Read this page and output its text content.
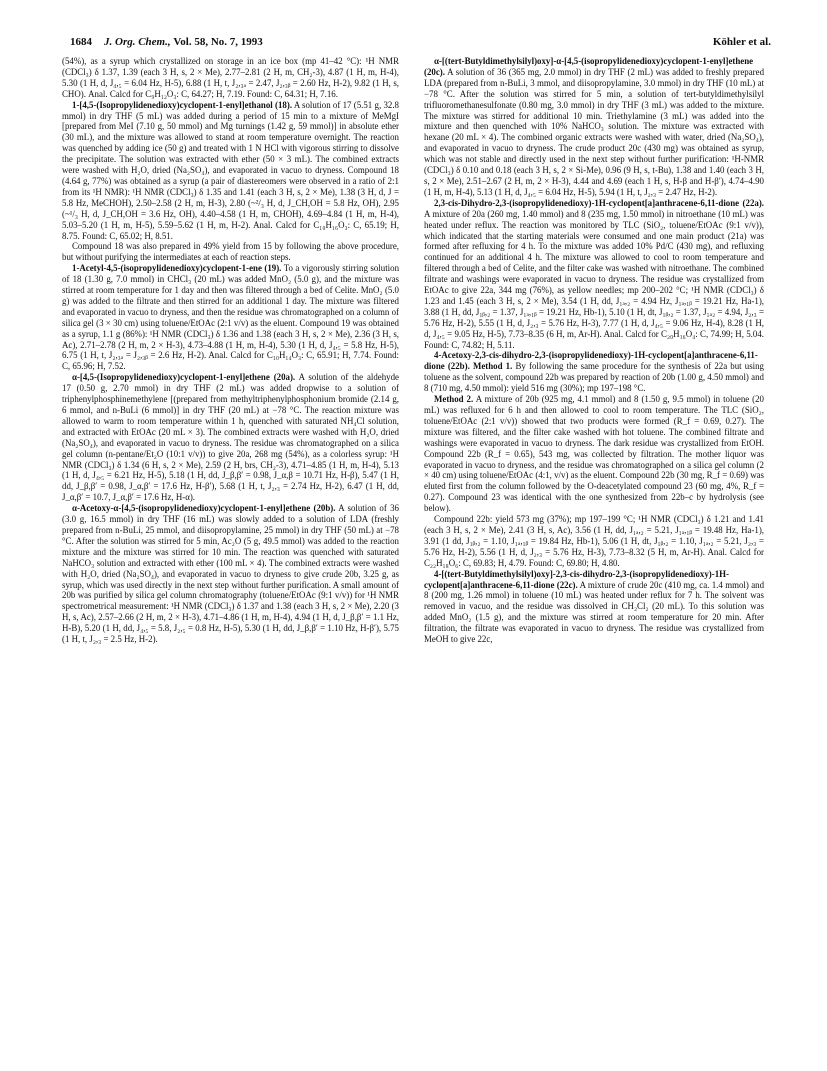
1684 J. Org. Chem., Vol. 58, No. 7, 1993	Köhler et al.

(54%), as a syrup which crystallized on storage in an ice box (mp 41–42 °C): ¹H NMR (CDCl₃) δ 1.37, 1.39 (each 3 H, s, 2 × Me), 2.77–2.81 (2 H, m, CH₂-3), 4.87 (1 H, m, H-4), 5.30 (1 H, d, J₄,₅ = 6.04 Hz, H-5), 6.88 (1 H, t, J₂,₃ₐ = 2.47, J₂,₃ᵦ = 2.60 Hz, H-2), 9.82 (1 H, s, CHO). Anal. Calcd for C₉H₁₂O₃: C, 64.27; H, 7.19. Found: C, 64.31; H, 7.16.

1-[4,5-(Isopropylidenedioxy)cyclopent-1-enyl]ethanol (18). A solution of 17 (5.51 g, 32.8 mmol) in dry THF (5 mL) was added during a period of 15 min to a mixture of MeMgI [prepared from MeI (7.10 g, 50 mmol) and Mg turnings (1.42 g, 59 mmol)] in absolute ether (30 mL), and the mixture was allowed to stand at room temperature overnight. The reaction was quenched by adding ice (50 g) and treated with 1 N HCl with vigorous stirring to dissolve the precipitate. The solution was extracted with ether (50 × 3 mL). The combined extracts were washed with H₂O, dried (Na₂SO₄), and evaporated in vacuo to dryness. Compound 18 (4.64 g, 77%) was obtained as a syrup (a pair of diastereomers were observed in a ratio of 2:1 from its ¹H NMR): ¹H NMR (CDCl₃) δ 1.35 and 1.41 (each 3 H, s, 2 × Me), 1.38 (3 H, d, J = 5.8 Hz, MeCHOH), 2.50–2.58 (2 H, m, H-3), 2.80 (~²/₃ H, d, J_CH,OH = 5.8 Hz, OH), 2.95 (~¹/₃ H, d, J_CH,OH = 3.6 Hz, OH), 4.40–4.58 (1 H, m, CHOH), 4.69–4.84 (1 H, m, H-4), 5.03–5.20 (1 H, m, H-5), 5.59–5.62 (1 H, m, H-2). Anal. Calcd for C₁₀H₁₆O₃: C, 65.19; H, 8.75. Found: C, 65.02; H, 8.51.

Compound 18 was also prepared in 49% yield from 15 by following the above procedure, but without purifying the intermediates at each of reaction steps.

1-Acetyl-4,5-(isopropylidenedioxy)cyclopent-1-ene (19). To a vigorously stirring solution of 18 (1.30 g, 7.0 mmol) in CHCl₃ (20 mL) was added MnO₂ (5.0 g), and the mixture was stirred at room temperature for 1 day and then was filtered through a bed of Celite. MnO₂ (5.0 g) was added to the filtrate and then stirred for an additional 1 day. The mixture was filtered and evaporated in vacuo to dryness, and then the residue was chromatographed on a column of silica gel (3 × 30 cm) using toluene/EtOAc (2:1 v/v) as the eluent. Compound 19 was obtained as a syrup, 1.1 g (86%): ¹H NMR (CDCl₃) δ 1.36 and 1.38 (each 3 H, s, 2 × Me), 2.36 (3 H, s, Ac), 2.71–2.78 (2 H, m, 2 × H-3), 4.73–4.88 (1 H, m, H-4), 5.30 (1 H, d, J₄,₅ = 5.8 Hz, H-5), 6.75 (1 H, t, J₂,₃ₐ = J₂,₃ᵦ = 2.6 Hz, H-2). Anal. Calcd for C₁₀H₁₄O₃: C, 65.91; H, 7.74. Found: C, 65.96; H, 7.52.

α-[4,5-(Isopropylidenedioxy)cyclopent-1-enyl]ethene (20a). A solution of the aldehyde 17 (0.50 g, 2.70 mmol) in dry THF (2 mL) was added dropwise to a solution of triphenylphosphinemethylene [(prepared from methyltriphenylphosphonium bromide (2.14 g, 6 mmol, and n-BuLi (6 mmol)] in dry THF (20 mL) at −78 °C. The reaction mixture was allowed to warm to room temperature within 1 h, quenched with saturated NH₄Cl solution, and extracted with EtOAc (20 mL × 3). The combined extracts were washed with H₂O, dried (Na₂SO₄), and evaporated in vacuo to dryness. The residue was chromatographed on a silica gel column (n-pentane/Et₂O (10:1 v/v)) to give 20a, 268 mg (54%), as a colorless syrup: ¹H NMR (CDCl₃) δ 1.34 (6 H, s, 2 × Me), 2.59 (2 H, brs, CH₂-3), 4.71–4.85 (1 H, m, H-4), 5.13 (1 H, d, J₄,₅ = 6.21 Hz, H-5), 5.18 (1 H, dd, J_β,β′ = 0.98, J_α,β = 10.71 Hz, H-β), 5.47 (1 H, dd, J_β,β′ = 0.98, J_α,β′ = 17.6 Hz, H-β′), 5.68 (1 H, t, J₂,₃ = 2.74 Hz, H-2), 6.47 (1 H, dd, J_α,β′ = 10.7, J_α,β′ = 17.6 Hz, H-α).

α-Acetoxy-α-[4,5-(isopropylidenedioxy)cyclopent-1-enyl]ethene (20b). A solution of 36 (3.0 g, 16.5 mmol) in dry THF (16 mL) was slowly added to a solution of LDA (freshly prepared from n-BuLi, 25 mmol, and diisopropylamine, 25 mmol) in dry THF (50 mL) at −78 °C. After the solution was stirred for 5 min, Ac₂O (5 g, 49.5 mmol) was added to the reaction mixture and the mixture was stirred for 10 min. The reaction was quenched with saturated NaHCO₃ solution and extracted with ether (100 mL × 4). The combined extracts were washed with H₂O, dried (Na₂SO₄), and evaporated in vacuo to dryness to give crude 20b, 3.25 g, as syrup, which was used directly in the next step without further purification. A small amount of 20b was purified by silica gel column chromatography (toluene/EtOAc (9:1 v/v)) for ¹H NMR spectrometrical measurement: ¹H NMR (CDCl₃) δ 1.37 and 1.38 (each 3 H, s, 2 × Me), 2.20 (3 H, s, Ac), 2.57–2.66 (2 H, m, 2 × H-3), 4.71–4.86 (1 H, m, H-4), 4.94 (1 H, d, J_β,β′ = 1.1 Hz, H-B), 5.20 (1 H, dd, J₄,₅ = 5.8, J₂,₅ = 0.8 Hz, H-5), 5.30 (1 H, dd, J_β,β′ = 1.10 Hz, H-β′), 5.75 (1 H, t, J₂,₃ = 2.5 Hz, H-2).

α-[(tert-Butyldimethylsilyl)oxy]-α-[4,5-(isopropylidenedioxy)cyclopent-1-enyl]ethene (20c). A solution of 36 (365 mg, 2.0 mmol) in dry THF (2 mL) was added to freshly prepared LDA (prepared from n-BuLi, 3 mmol, and diisopropylamine, 3.0 mmol) in dry THF (10 mL) at −78 °C. After the solution was stirred for 5 min, a solution of tert-butyldimethylsilyl trifluoromethanesulfonate (0.80 mg, 3.0 mmol) in dry THF (3 mL) was added to the mixture. The mixture was stirred for additional 10 min. Triethylamine (3 mL) was added into the mixture and then quenched with 10% NaHCO₃ solution. The mixture was extracted with hexane (20 mL × 4). The combined organic extracts were washed with water, dried (Na₂SO₄), and evaporated in vacuo to dryness. The crude product 20c (430 mg) was obtained as syrup, which was not stable and directly used in the next step without further purification: ¹H-NMR (CDCl₃) δ 0.10 and 0.18 (each 3 H, s, 2 × Si-Me), 0.96 (9 H, s, t-Bu), 1.38 and 1.40 (each 3 H, s, 2 × Me), 2.51–2.67 (2 H, m, 2 × H-3), 4.44 and 4.69 (each 1 H, s, H-β and H-β′), 4.74–4.90 (1 H, m, H-4), 5.13 (1 H, d, J₄,₅ = 6.04 Hz, H-5), 5.94 (1 H, t, J₂,₃ = 2.47 Hz, H-2).

2,3-cis-Dihydro-2,3-(isopropylidenedioxy)-1H-cyclopent[a]anthracene-6,11-dione (22a). A mixture of 20a (260 mg, 1.40 mmol) and 8 (235 mg, 1.50 mmol) in nitroethane (10 mL) was heated under reflux. The reaction was monitored by TLC (SiO₂, toluene/EtOAc (9:1 v/v)), which indicated that the starting materials were consumed and one main product (21a) was formed after refluxing for 4 h. To the mixture was added 10% Pd/C (430 mg), and refluxing continued for an additional 4 h. The mixture was allowed to cool to room temperature and filtered through a bed of Celite, and the filter cake was washed with nitroethane. The combined filtrate and washings were evaporated in vacuo to dryness. The residue was crystallized from EtOAc to give 22a, 344 mg (76%), as yellow needles; mp 200–202 °C; ¹H NMR (CDCl₃) δ 1.23 and 1.45 (each 3 H, s, 2 × Me), 3.54 (1 H, dd, J₁ₐ,₂ = 4.94 Hz, J₁ₐ,₁ᵦ = 19.21 Hz, Ha-1), 3.88 (1 H, dd, J₁ᵦ,₂ = 1.37, J₁ₐ,₁ᵦ = 19.21 Hz, Hb-1), 5.10 (1 H, dt, J₁ᵦ,₂ = 1.37, J₁ₐ₂ = 4.94, J₂,₃ = 5.76 Hz, H-2), 5.55 (1 H, d, J₂,₃ = 5.76 Hz, H-3), 7.77 (1 H, d, J₄,₅ = 9.06 Hz, H-4), 8.28 (1 H, d, J₄,₅ = 9.05 Hz, H-5), 7.73–8.35 (6 H, m, Ar-H). Anal. Calcd for C₂₀H₁₆O₄: C, 74.99; H, 5.04. Found: C, 74.82; H, 5.11.

4-Acetoxy-2,3-cis-dihydro-2,3-(isopropylidenedioxy)-1H-cyclopent[a]anthracene-6,11-dione (22b). Method 1. By following the same procedure for the synthesis of 22a but using toluene as the solvent, compound 22b was prepared by reaction of 20b (1.00 g, 4.50 mmol) and 8 (710 mg, 4.50 mmol): yield 516 mg (30%); mp 197–198 °C.

Method 2. A mixture of 20b (925 mg, 4.1 mmol) and 8 (1.50 g, 9.5 mmol) in toluene (20 mL) was refluxed for 6 h and then allowed to cool to room temperature. The TLC (SiO₂, toluene/EtOAc (2:1 v/v)) showed that two products were formed (R_f = 0.69, 0.27). The mixture was filtered, and the filter cake washed with hot toluene. The combined filtrate and washings were evaporated in vacuo to dryness. The dark residue was crystallized from EtOH. Compound 22b (R_f = 0.65), 543 mg, was collected by filtration. The mother liquor was evaporated in vacuo to dryness, and the residue was chromatographed on a silica gel column (2 × 40 cm) using toluene/EtOAc (4:1, v/v) as the eluent. Compound 22b (30 mg, R_f = 0.69) was eluted first from the column followed by the O-deacetylated compound 23 (60 mg, 4%, R_f = 0.27). Compound 23 was identical with the one synthesized from 22b–c by hydrolysis (see below).

Compound 22b: yield 573 mg (37%); mp 197–199 °C; ¹H NMR (CDCl₃) δ 1.21 and 1.41 (each 3 H, s, 2 × Me), 2.41 (3 H, s, Ac), 3.56 (1 H, dd, J₁ₐ,₂ = 5.21, J₁ₐ,₁ᵦ = 19.48 Hz, Ha-1), 3.91 (1 dd, J₁ᵦ,₂ = 1.10, J₁ₐ,₁ᵦ = 19.84 Hz, Hb-1), 5.06 (1 H, dt, J₁ᵦ,₂ = 1.10, J₁ₐ,₂ = 5.21, J₂,₃ = 5.76 Hz, H-2), 5.56 (1 H, d, J₂,₃ = 5.76 Hz, H-3), 7.73–8.32 (5 H, m, Ar-H). Anal. Calcd for C₂₂H₁₈O₆: C, 69.83; H, 4.79. Found: C, 69.80; H, 4.80.

4-[(tert-Butyldimethylsilyl)oxy]-2,3-cis-dihydro-2,3-(isopropylidenedioxy)-1H-cyclopent[a]anthracene-6,11-dione (22c). A mixture of crude 20c (410 mg, ca. 1.4 mmol) and 8 (200 mg, 1.26 mmol) in toluene (10 mL) was heated under reflux for 7 h. The solvent was removed in vacuo, and the residue was dissolved in CH₂Cl₂ (20 mL). To this solution was added MnO₂ (1.5 g), and the mixture was stirred at room temperature for 20 min. After filtration, the filtrate was evaporated in vacuo to dryness. The residue was crystallized from MeOH to give 22c,
